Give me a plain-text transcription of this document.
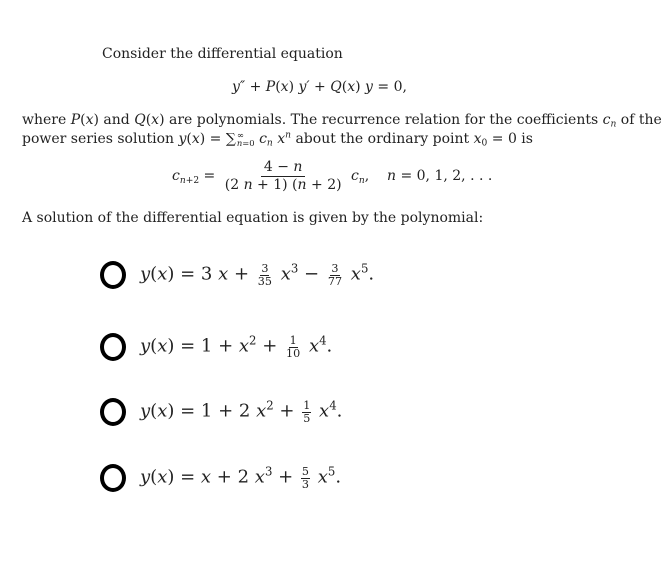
Consider the differential equation
y″ + P(x) y′ + Q(x) y = 0,
where P(x) and Q(x) are polynomials. The recurrence relation for the coefficients $c_n$ of the
power series solution y(x) = ∑ ∞
n=0 $c_n$ $x^n$ about the ordinary point $x_0 = 0$ is
$c_{n+2} = \frac{4 - n}{(2 n + 1) (n + 2)} c_n$,    n = 0, 1, 2, . . .
A solution of the differential equation is given by the polynomial:
y(x) = 3 $x + \frac{3}{35} x^3 - \frac{3}{77} x^5$.
$y(x) = 1 + x^2 + \frac{1}{10} x^4$.
y(x) = 1 + 2 $x^2 + \frac{1}{5} x^4$.
y(x) = x + 2 $x^3 + \frac{5}{3} x^5$.
